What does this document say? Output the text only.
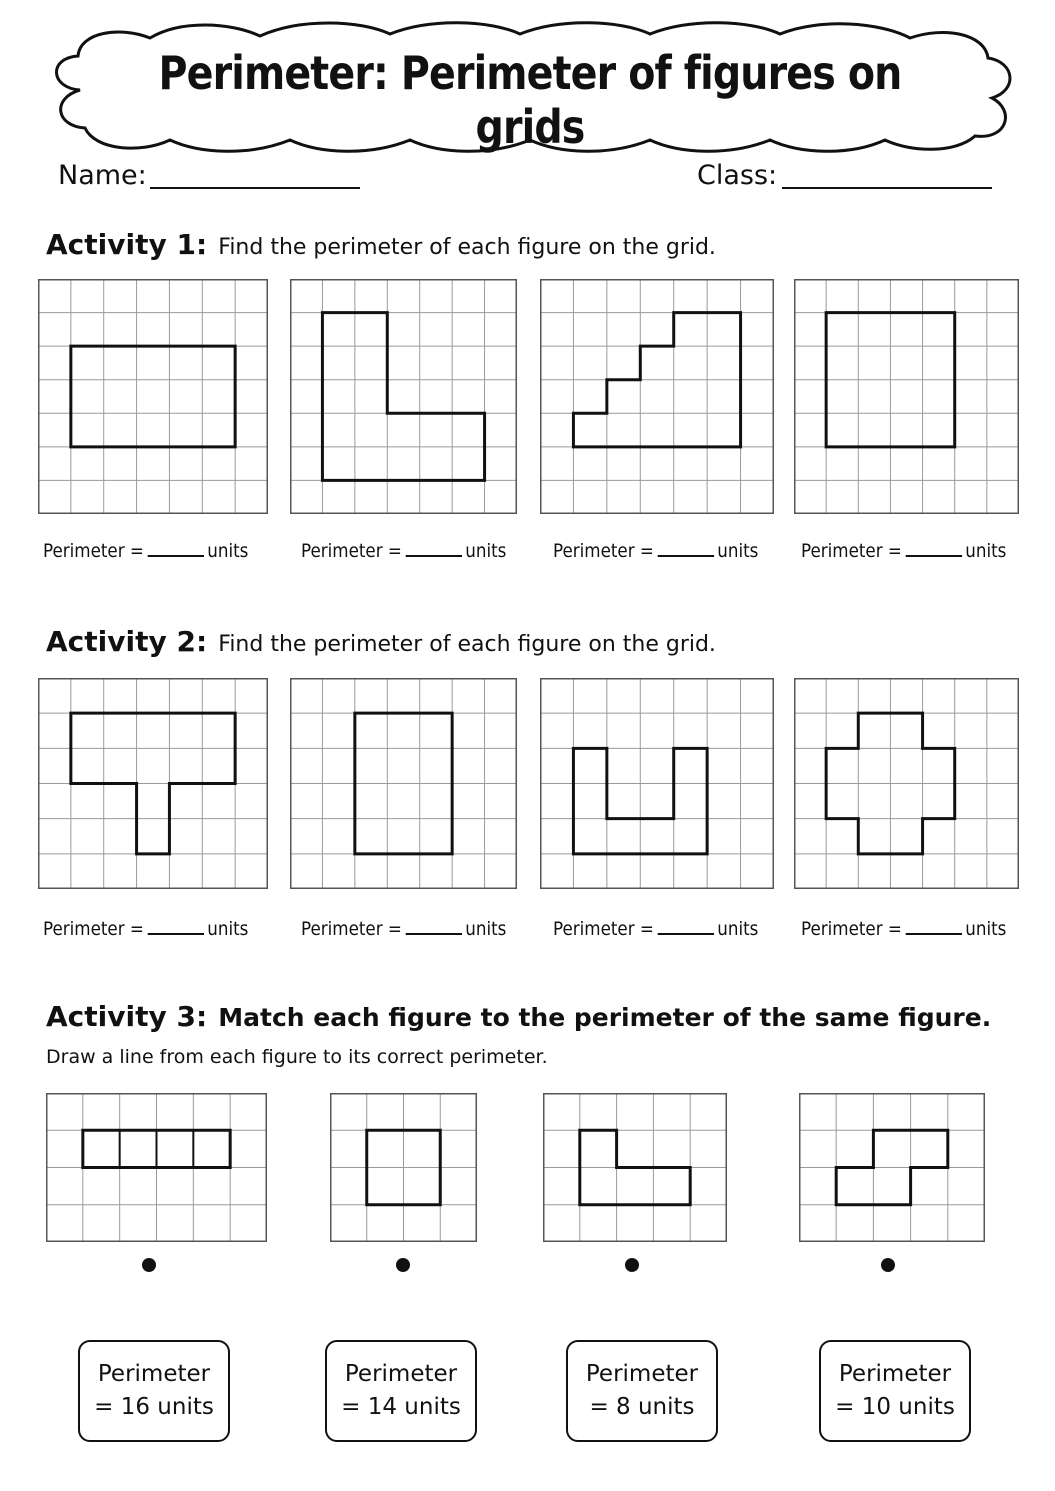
Perimeter: Perimeter of figures on grids
Name:	Class:
Activity 1: Find the perimeter of each figure on the grid.
Perimeter =	units	Perimeter =	units Perimeter =	units Perimeter =	units
Activity 2: Find the perimeter of each figure on the grid.
Perimeter =	units	Perimeter =	units Perimeter =	units Perimeter =	units
Activity 3: Match each figure to the perimeter of the same figure.
Draw a line from each figure to its correct perimeter.
Perimeter
= 16 units
Perimeter
= 14 units
Perimeter
= 8 units
Perimeter
= 10 units
